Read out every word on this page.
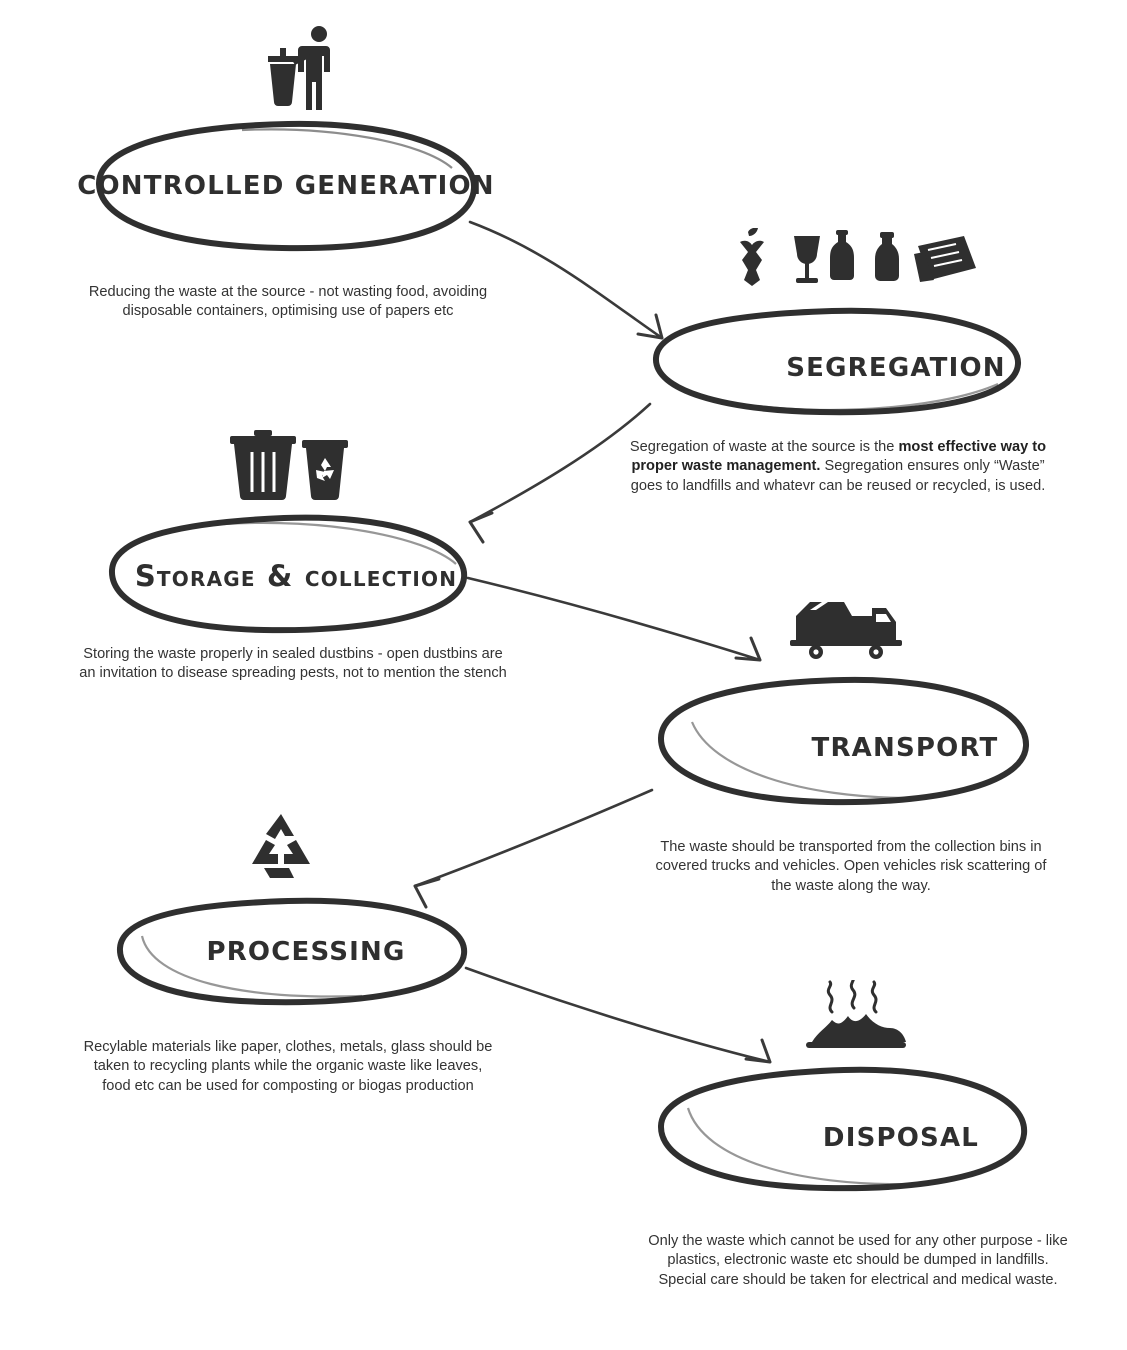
CONTROLLED GENERATION
Reducing the waste at the source - not wasting food, avoiding disposable containers, optimising use of papers etc
SEGREGATION
Segregation of waste at the source is the most effective way to proper waste management. Segregation ensures only “Waste” goes to landfills and whatevr can be reused or recycled, is used.
Storage & collection
Storing the waste properly in sealed dustbins - open dustbins are an invitation to disease spreading pests, not to mention the stench
TRANSPORT
The waste should be transported from the collection bins in covered trucks and vehicles. Open vehicles risk scattering of the waste along the way.
PROCESSING
Recylable materials like paper, clothes, metals, glass should be taken to recycling plants while the organic waste like leaves, food etc can be used for composting or biogas production
DISPOSAL
Only the waste which cannot be used for any other purpose - like plastics, electronic waste etc should be dumped in landfills. Special care should be taken for electrical and medical waste.
